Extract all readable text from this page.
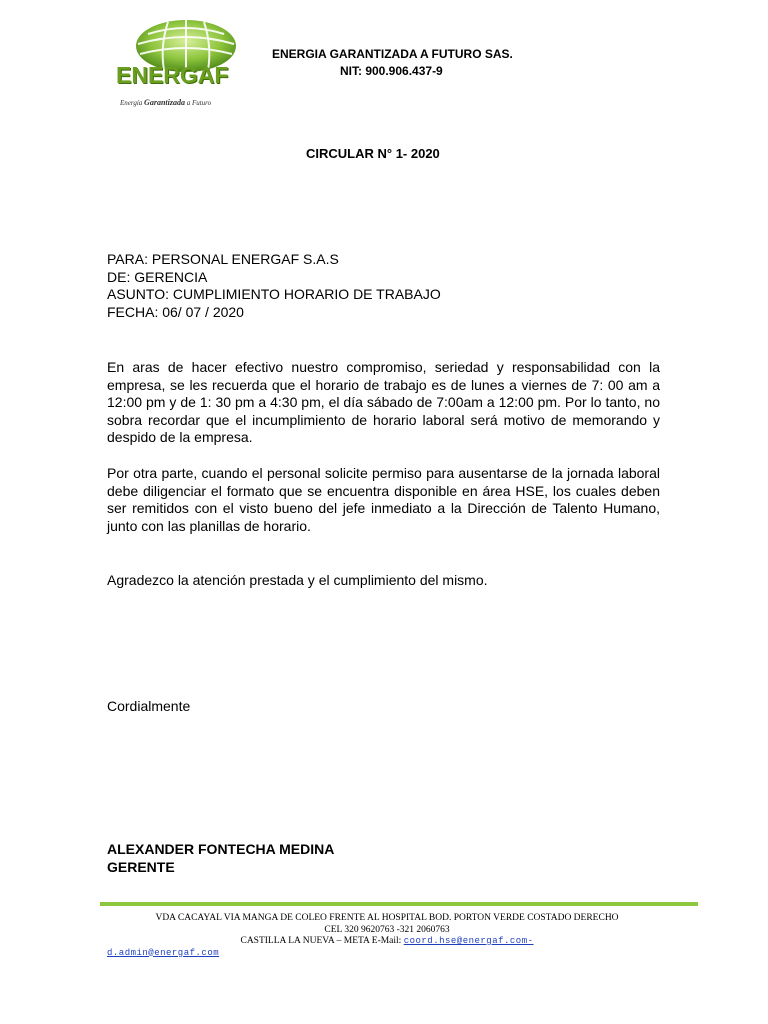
ENERGAF
Energía Garantizada a Futuro
ENERGIA GARANTIZADA A FUTURO SAS.
NIT: 900.906.437-9
CIRCULAR N° 1- 2020
PARA: PERSONAL ENERGAF S.A.S
DE: GERENCIA
ASUNTO: CUMPLIMIENTO HORARIO DE TRABAJO
FECHA: 06/ 07 / 2020
En aras de hacer efectivo nuestro compromiso, seriedad y responsabilidad con la empresa, se les recuerda que el horario de trabajo es de lunes a viernes de 7: 00 am a 12:00 pm y de 1: 30 pm a 4:30 pm, el día sábado de 7:00am a 12:00 pm. Por lo tanto, no sobra recordar que el incumplimiento de horario laboral será motivo de memorando y despido de la empresa.
Por otra parte, cuando el personal solicite permiso para ausentarse de la jornada laboral debe diligenciar el formato que se encuentra disponible en área HSE, los cuales deben ser remitidos con el visto bueno del jefe inmediato a la Dirección de Talento Humano, junto con las planillas de horario.
Agradezco la atención prestada y el cumplimiento del mismo.
Cordialmente
ALEXANDER FONTECHA MEDINA
GERENTE
VDA CACAYAL VIA MANGA DE COLEO FRENTE AL HOSPITAL BOD. PORTON VERDE COSTADO DERECHO
CEL 320 9620763 -321 2060763
CASTILLA LA NUEVA – META E-Mail: coord.hse@energaf.com-
d.admin@energaf.com
